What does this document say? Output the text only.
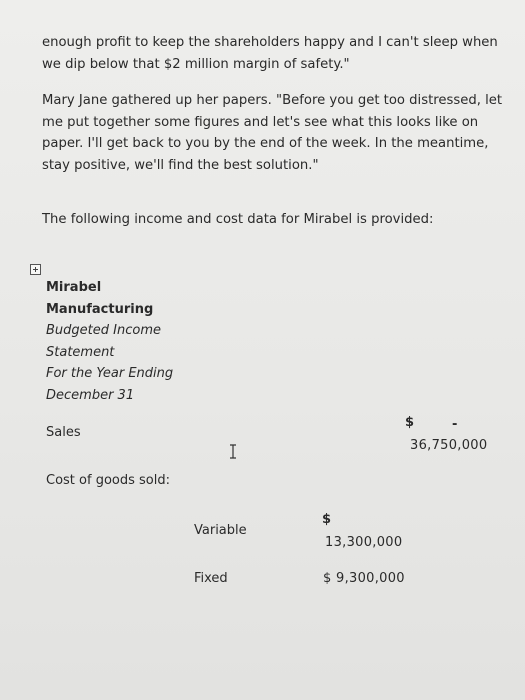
enough profit to keep the shareholders happy and I can't sleep when we dip below that $2 million margin of safety."

Mary Jane gathered up her papers. "Before you get too distressed, let me put together some figures and let's see what this looks like on paper. I'll get back to you by the end of the week. In the meantime, stay positive, we'll find the best solution."

The following income and cost data for Mirabel is provided:

Mirabel Manufacturing

Budgeted Income Statement

For the Year Ending December 31

Sales

$	-

36,750,000

Cost of goods sold:

Variable

$

13,300,000

Fixed	$ 9,300,000
